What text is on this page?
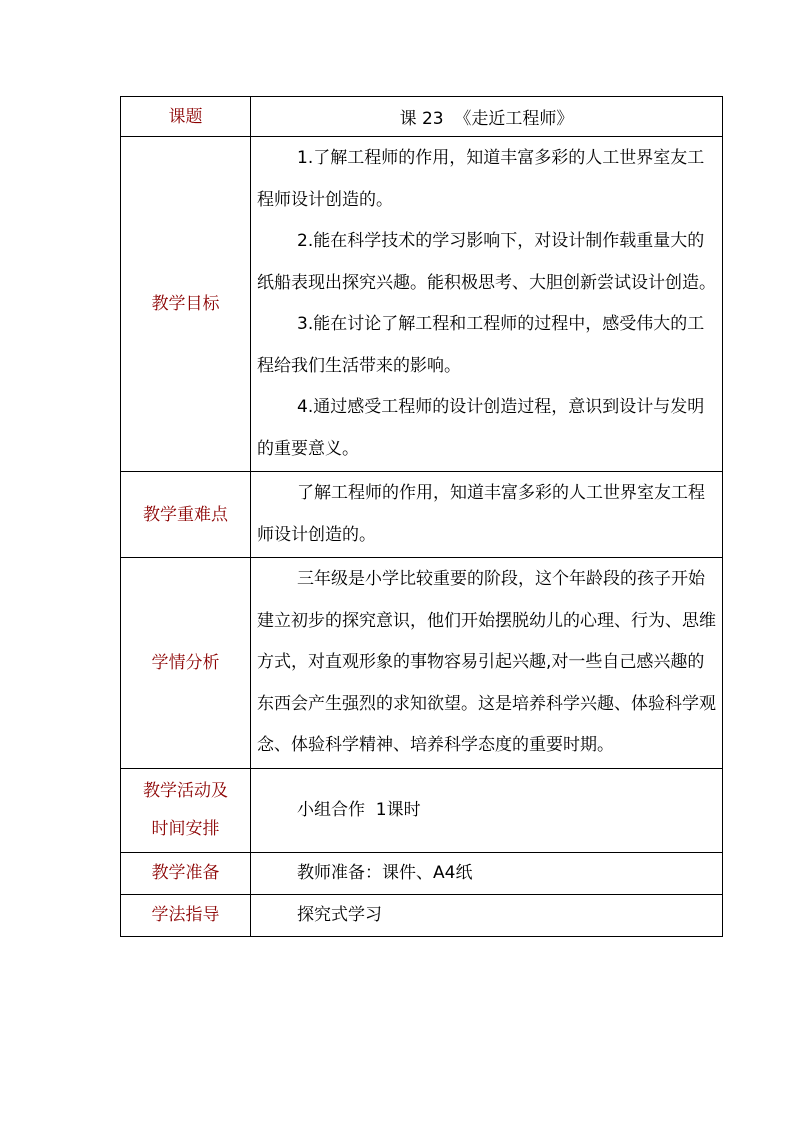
课题	课 23  《走近工程师》
教学目标	1.了解工程师的作用，知道丰富多彩的人工世界室友工程师设计创造的。

2.能在科学技术的学习影响下，对设计制作载重量大的纸船表现出探究兴趣。能积极思考、大胆创新尝试设计创造。

3.能在讨论了解工程和工程师的过程中，感受伟大的工程给我们生活带来的影响。

4.通过感受工程师的设计创造过程，意识到设计与发明的重要意义。

教学重难点	了解工程师的作用，知道丰富多彩的人工世界室友工程师设计创造的。

学情分析	三年级是小学比较重要的阶段，这个年龄段的孩子开始建立初步的探究意识，他们开始摆脱幼儿的心理、行为、思维方式，对直观形象的事物容易引起兴趣,对一些自己感兴趣的东西会产生强烈的求知欲望。这是培养科学兴趣、体验科学观念、体验科学精神、培养科学态度的重要时期。

教学活动及
时间安排	小组合作  1课时

教学准备	教师准备：课件、A4纸

学法指导	探究式学习
